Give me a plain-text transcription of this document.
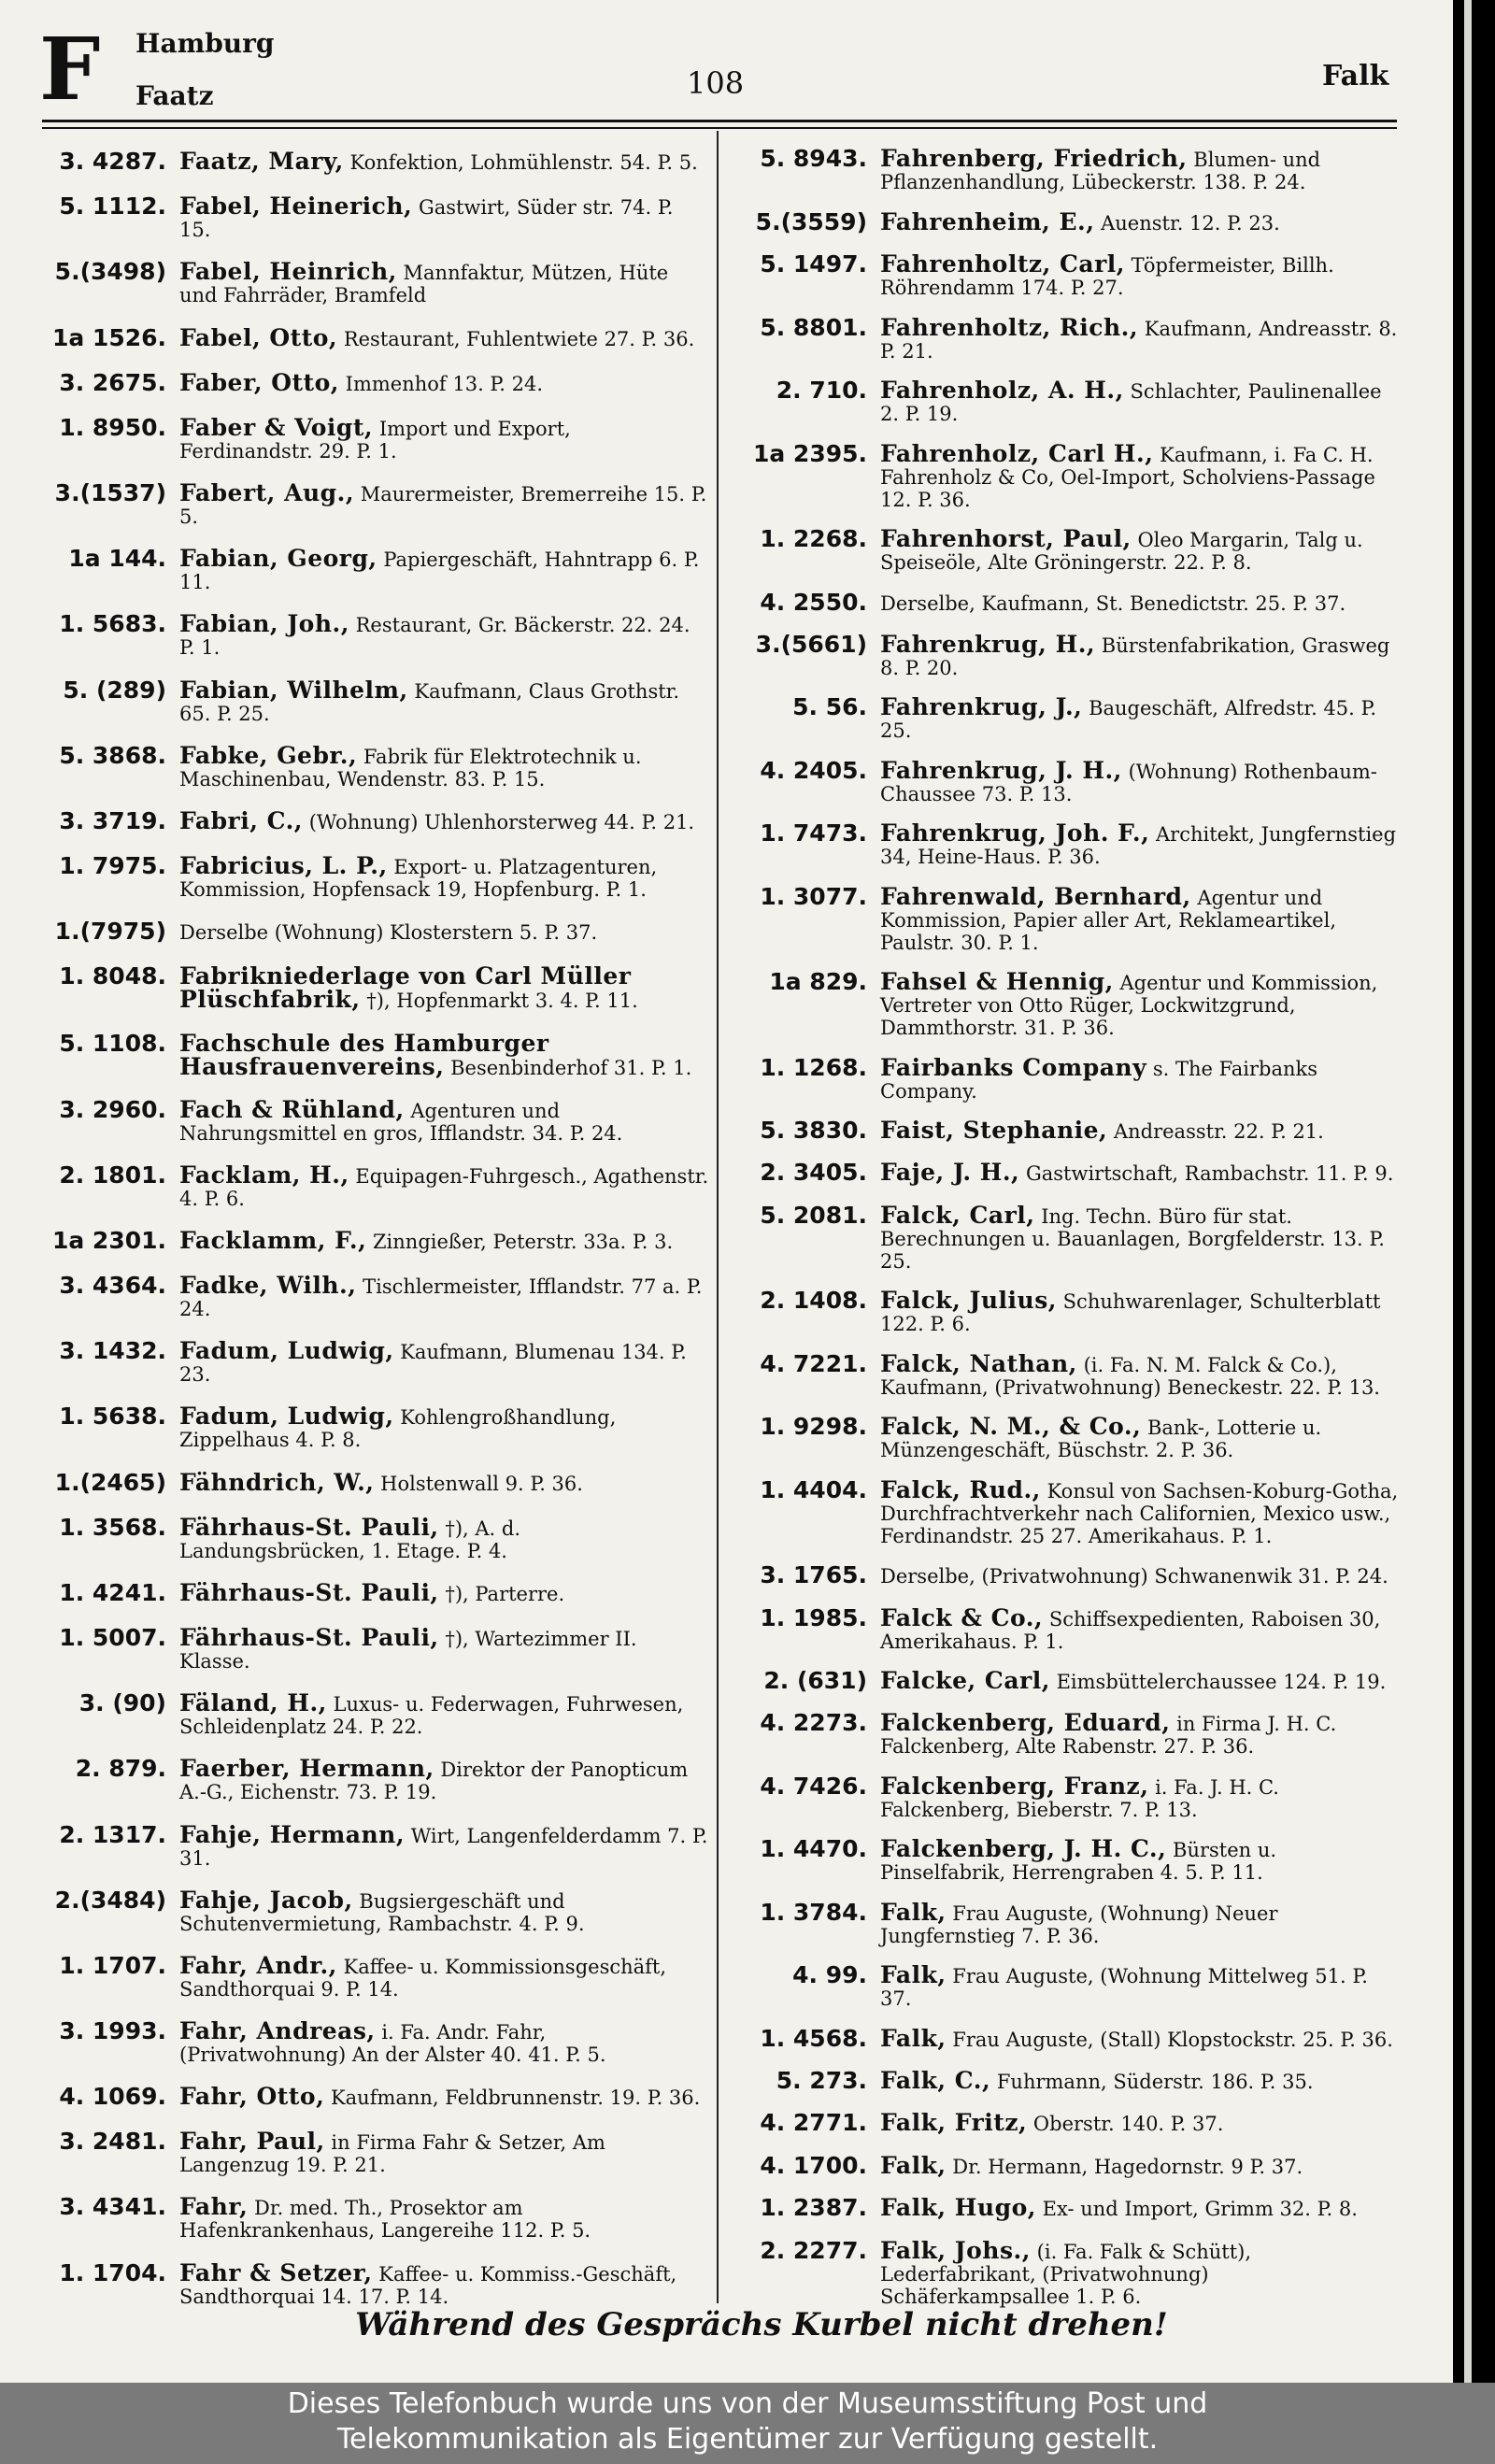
F Hamburg
Faatz	108	Falk
3. 4287. Faatz, Mary, Konfektion, Lohmühlenstr. 54. P. 5.
5. 1112. Fabel, Heinerich, Gastwirt, Süder str. 74. P. 15.
5.(3498) Fabel, Heinrich, Mannfaktur, Mützen, Hüte und Fahrräder, Bramfeld
1a 1526. Fabel, Otto, Restaurant, Fuhlentwiete 27. P. 36.
3. 2675. Faber, Otto, Immenhof 13. P. 24.
1. 8950. Faber & Voigt, Import und Export, Ferdinandstr. 29. P. 1.
3.(1537) Fabert, Aug., Maurermeister, Bremerreihe 15. P. 5.
1a 144. Fabian, Georg, Papiergeschäft, Hahntrapp 6. P. 11.
1. 5683. Fabian, Joh., Restaurant, Gr. Bäckerstr. 22. 24. P. 1.
5. (289) Fabian, Wilhelm, Kaufmann, Claus Grothstr. 65. P. 25.
5. 3868. Fabke, Gebr., Fabrik für Elektrotechnik u. Maschinenbau, Wendenstr. 83. P. 15.
3. 3719. Fabri, C., (Wohnung) Uhlenhorsterweg 44. P. 21.
1. 7975. Fabricius, L. P., Export- u. Platzagenturen, Kommission, Hopfensack 19, Hopfenburg. P. 1.
1.(7975) Derselbe (Wohnung) Klosterstern 5. P. 37.
1. 8048. Fabrikniederlage von Carl Müller Plüschfabrik, †), Hopfenmarkt 3. 4. P. 11.
5. 1108. Fachschule des Hamburger Hausfrauenvereins, Besenbinderhof 31. P. 1.
3. 2960. Fach & Rühland, Agenturen und Nahrungsmittel en gros, Ifflandstr. 34. P. 24.
2. 1801. Facklam, H., Equipagen-Fuhrgesch., Agathenstr. 4. P. 6.
1a 2301. Facklamm, F., Zinngießer, Peterstr. 33a. P. 3.
3. 4364. Fadke, Wilh., Tischlermeister, Ifflandstr. 77 a. P. 24.
3. 1432. Fadum, Ludwig, Kaufmann, Blumenau 134. P. 23.
1. 5638. Fadum, Ludwig, Kohlengroßhandlung, Zippelhaus 4. P. 8.
1.(2465) Fähndrich, W., Holstenwall 9. P. 36.
1. 3568. Fährhaus-St. Pauli, †), A. d. Landungsbrücken, 1. Etage. P. 4.
1. 4241. Fährhaus-St. Pauli, †), Parterre.
1. 5007. Fährhaus-St. Pauli, †), Wartezimmer II. Klasse.
3. (90) Fäland, H., Luxus- u. Federwagen, Fuhrwesen, Schleidenplatz 24. P. 22.
2. 879. Faerber, Hermann, Direktor der Panopticum A.-G., Eichenstr. 73. P. 19.
2. 1317. Fahje, Hermann, Wirt, Langenfelderdamm 7. P. 31.
2.(3484) Fahje, Jacob, Bugsiergeschäft und Schutenvermietung, Rambachstr. 4. P. 9.
1. 1707. Fahr, Andr., Kaffee- u. Kommissionsgeschäft, Sandthorquai 9. P. 14.
3. 1993. Fahr, Andreas, i. Fa. Andr. Fahr, (Privatwohnung) An der Alster 40. 41. P. 5.
4. 1069. Fahr, Otto, Kaufmann, Feldbrunnenstr. 19. P. 36.
3. 2481. Fahr, Paul, in Firma Fahr & Setzer, Am Langenzug 19. P. 21.
3. 4341. Fahr, Dr. med. Th., Prosektor am Hafenkrankenhaus, Langereihe 112. P. 5.
1. 1704. Fahr & Setzer, Kaffee- u. Kommiss.-Geschäft, Sandthorquai 14. 17. P. 14.
5. 8943. Fahrenberg, Friedrich, Blumen- und Pflanzenhandlung, Lübeckerstr. 138. P. 24.
5.(3559) Fahrenheim, E., Auenstr. 12. P. 23.
5. 1497. Fahrenholtz, Carl, Töpfermeister, Billh. Röhrendamm 174. P. 27.
5. 8801. Fahrenholtz, Rich., Kaufmann, Andreasstr. 8. P. 21.
2. 710. Fahrenholz, A. H., Schlachter, Paulinenallee 2. P. 19.
1a 2395. Fahrenholz, Carl H., Kaufmann, i. Fa C. H. Fahrenholz & Co, Oel-Import, Scholviens-Passage 12. P. 36.
1. 2268. Fahrenhorst, Paul, Oleo Margarin, Talg u. Speiseöle, Alte Gröningerstr. 22. P. 8.
4. 2550. Derselbe, Kaufmann, St. Benedictstr. 25. P. 37.
3.(5661) Fahrenkrug, H., Bürstenfabrikation, Grasweg 8. P. 20.
5. 56. Fahrenkrug, J., Baugeschäft, Alfredstr. 45. P. 25.
4. 2405. Fahrenkrug, J. H., (Wohnung) Rothenbaum-Chaussee 73. P. 13.
1. 7473. Fahrenkrug, Joh. F., Architekt, Jungfernstieg 34, Heine-Haus. P. 36.
1. 3077. Fahrenwald, Bernhard, Agentur und Kommission, Papier aller Art, Reklameartikel, Paulstr. 30. P. 1.
1a 829. Fahsel & Hennig, Agentur und Kommission, Vertreter von Otto Rüger, Lockwitzgrund, Dammthorstr. 31. P. 36.
1. 1268. Fairbanks Company s. The Fairbanks Company.
5. 3830. Faist, Stephanie, Andreasstr. 22. P. 21.
2. 3405. Faje, J. H., Gastwirtschaft, Rambachstr. 11. P. 9.
5. 2081. Falck, Carl, Ing. Techn. Büro für stat. Berechnungen u. Bauanlagen, Borgfelderstr. 13. P. 25.
2. 1408. Falck, Julius, Schuhwarenlager, Schulterblatt 122. P. 6.
4. 7221. Falck, Nathan, (i. Fa. N. M. Falck & Co.), Kaufmann, (Privatwohnung) Beneckestr. 22. P. 13.
1. 9298. Falck, N. M., & Co., Bank-, Lotterie u. Münzengeschäft, Büschstr. 2. P. 36.
1. 4404. Falck, Rud., Konsul von Sachsen-Koburg-Gotha, Durchfrachtverkehr nach Californien, Mexico usw., Ferdinandstr. 25 27. Amerikahaus. P. 1.
3. 1765. Derselbe, (Privatwohnung) Schwanenwik 31. P. 24.
1. 1985. Falck & Co., Schiffsexpedienten, Raboisen 30, Amerikahaus. P. 1.
2. (631) Falcke, Carl, Eimsbüttelerchaussee 124. P. 19.
4. 2273. Falckenberg, Eduard, in Firma J. H. C. Falckenberg, Alte Rabenstr. 27. P. 36.
4. 7426. Falckenberg, Franz, i. Fa. J. H. C. Falckenberg, Bieberstr. 7. P. 13.
1. 4470. Falckenberg, J. H. C., Bürsten u. Pinselfabrik, Herrengraben 4. 5. P. 11.
1. 3784. Falk, Frau Auguste, (Wohnung) Neuer Jungfernstieg 7. P. 36.
4. 99. Falk, Frau Auguste, (Wohnung Mittelweg 51. P. 37.
1. 4568. Falk, Frau Auguste, (Stall) Klopstockstr. 25. P. 36.
5. 273. Falk, C., Fuhrmann, Süderstr. 186. P. 35.
4. 2771. Falk, Fritz, Oberstr. 140. P. 37.
4. 1700. Falk, Dr. Hermann, Hagedornstr. 9 P. 37.
1. 2387. Falk, Hugo, Ex- und Import, Grimm 32. P. 8.
2. 2277. Falk, Johs., (i. Fa. Falk & Schütt), Lederfabrikant, (Privatwohnung) Schäferkampsallee 1. P. 6.
Während des Gesprächs Kurbel nicht drehen!
Dieses Telefonbuch wurde uns von der Museumsstiftung Post und
Telekommunikation als Eigentümer zur Verfügung gestellt.
